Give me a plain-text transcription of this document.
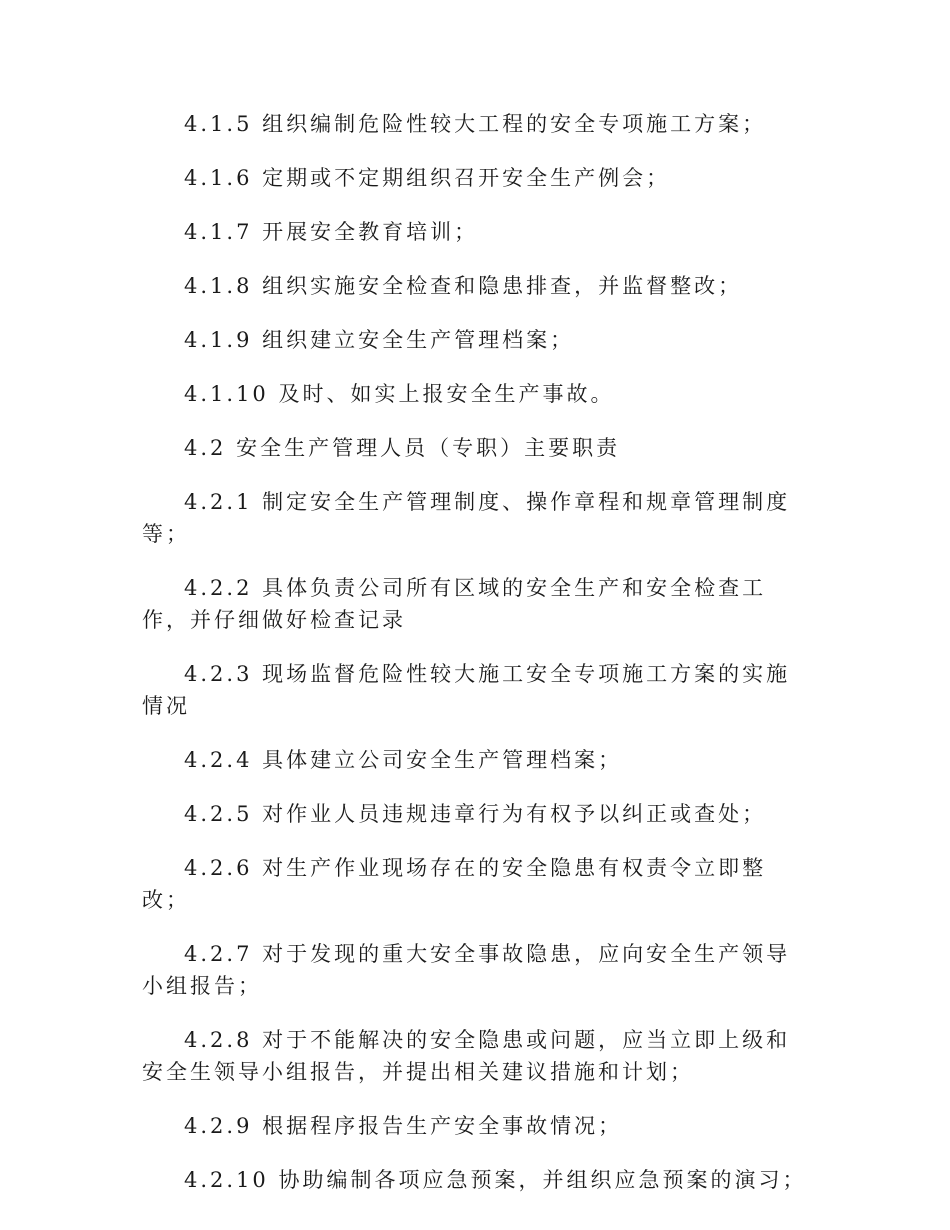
4.1.5 组织编制危险性较大工程的安全专项施工方案；

4.1.6 定期或不定期组织召开安全生产例会；

4.1.7 开展安全教育培训；

4.1.8 组织实施安全检查和隐患排查，并监督整改；

4.1.9 组织建立安全生产管理档案；

4.1.10 及时、如实上报安全生产事故。

4.2 安全生产管理人员（专职）主要职责

4.2.1 制定安全生产管理制度、操作章程和规章管理制度等；

4.2.2 具体负责公司所有区域的安全生产和安全检查工作，并仔细做好检查记录

4.2.3 现场监督危险性较大施工安全专项施工方案的实施情况

4.2.4 具体建立公司安全生产管理档案；

4.2.5 对作业人员违规违章行为有权予以纠正或查处；

4.2.6 对生产作业现场存在的安全隐患有权责令立即整改；

4.2.7 对于发现的重大安全事故隐患，应向安全生产领导小组报告；

4.2.8 对于不能解决的安全隐患或问题，应当立即上级和安全生领导小组报告，并提出相关建议措施和计划；

4.2.9 根据程序报告生产安全事故情况；

4.2.10 协助编制各项应急预案，并组织应急预案的演习；
